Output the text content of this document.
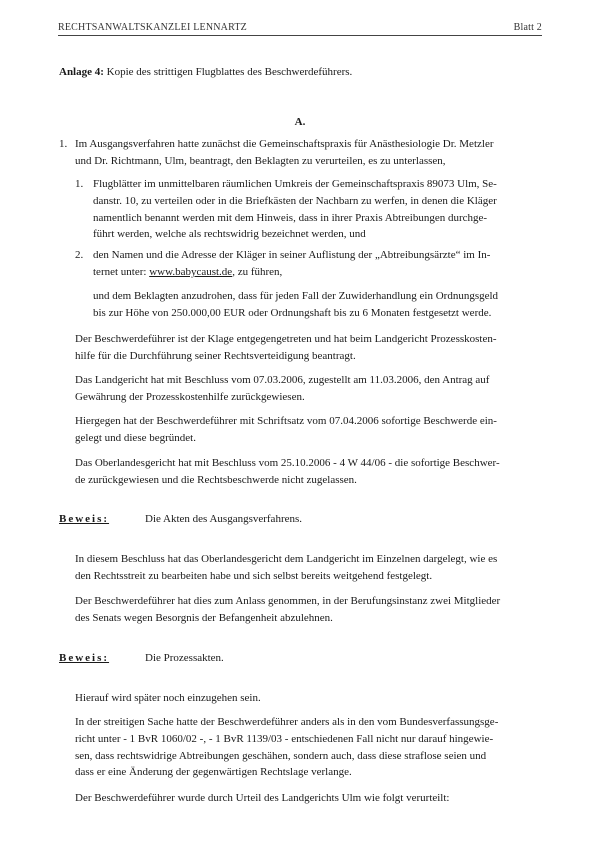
RECHTSANWALTSKANZLEI LENNARTZ	Blatt 2

Anlage 4: Kopie des strittigen Flugblattes des Beschwerdeführers.

A.
1. Im Ausgangsverfahren hatte zunächst die Gemeinschaftspraxis für Anästhesiologie Dr. Metzler
und Dr. Richtmann, Ulm, beantragt, den Beklagten zu verurteilen, es zu unterlassen,

1. Flugblätter im unmittelbaren räumlichen Umkreis der Gemeinschaftspraxis 89073 Ulm, Se-
danstr. 10, zu verteilen oder in die Briefkästen der Nachbarn zu werfen, in denen die Kläger
namentlich benannt werden mit dem Hinweis, dass in ihrer Praxis Abtreibungen durchge-
führt werden, welche als rechtswidrig bezeichnet werden, und

2. den Namen und die Adresse der Kläger in seiner Auflistung der „Abtreibungsärzte“ im In-
ternet unter: www.babycaust.de, zu führen,

und dem Beklagten anzudrohen, dass für jeden Fall der Zuwiderhandlung ein Ordnungsgeld
bis zur Höhe von 250.000,00 EUR oder Ordnungshaft bis zu 6 Monaten festgesetzt werde.

Der Beschwerdeführer ist der Klage entgegengetreten und hat beim Landgericht Prozesskosten-
hilfe für die Durchführung seiner Rechtsverteidigung beantragt.

Das Landgericht hat mit Beschluss vom 07.03.2006, zugestellt am 11.03.2006, den Antrag auf
Gewährung der Prozesskostenhilfe zurückgewiesen.

Hiergegen hat der Beschwerdeführer mit Schriftsatz vom 07.04.2006 sofortige Beschwerde ein-
gelegt und diese begründet.

Das Oberlandesgericht hat mit Beschluss vom 25.10.2006 - 4 W 44/06 - die sofortige Beschwer-
de zurückgewiesen und die Rechtsbeschwerde nicht zugelassen.

Beweis:	Die Akten des Ausgangsverfahrens.

In diesem Beschluss hat das Oberlandesgericht dem Landgericht im Einzelnen dargelegt, wie es
den Rechtsstreit zu bearbeiten habe und sich selbst bereits weitgehend festgelegt.

Der Beschwerdeführer hat dies zum Anlass genommen, in der Berufungsinstanz zwei Mitglieder
des Senats wegen Besorgnis der Befangenheit abzulehnen.

Beweis:	Die Prozessakten.

Hierauf wird später noch einzugehen sein.

In der streitigen Sache hatte der Beschwerdeführer anders als in den vom Bundesverfassungsge-
richt unter - 1 BvR 1060/02 -, - 1 BvR 1139/03 - entschiedenen Fall nicht nur darauf hingewie-
sen, dass rechtswidrige Abtreibungen geschähen, sondern auch, dass diese straflose seien und
dass er eine Änderung der gegenwärtigen Rechtslage verlange.

Der Beschwerdeführer wurde durch Urteil des Landgerichts Ulm wie folgt verurteilt:
